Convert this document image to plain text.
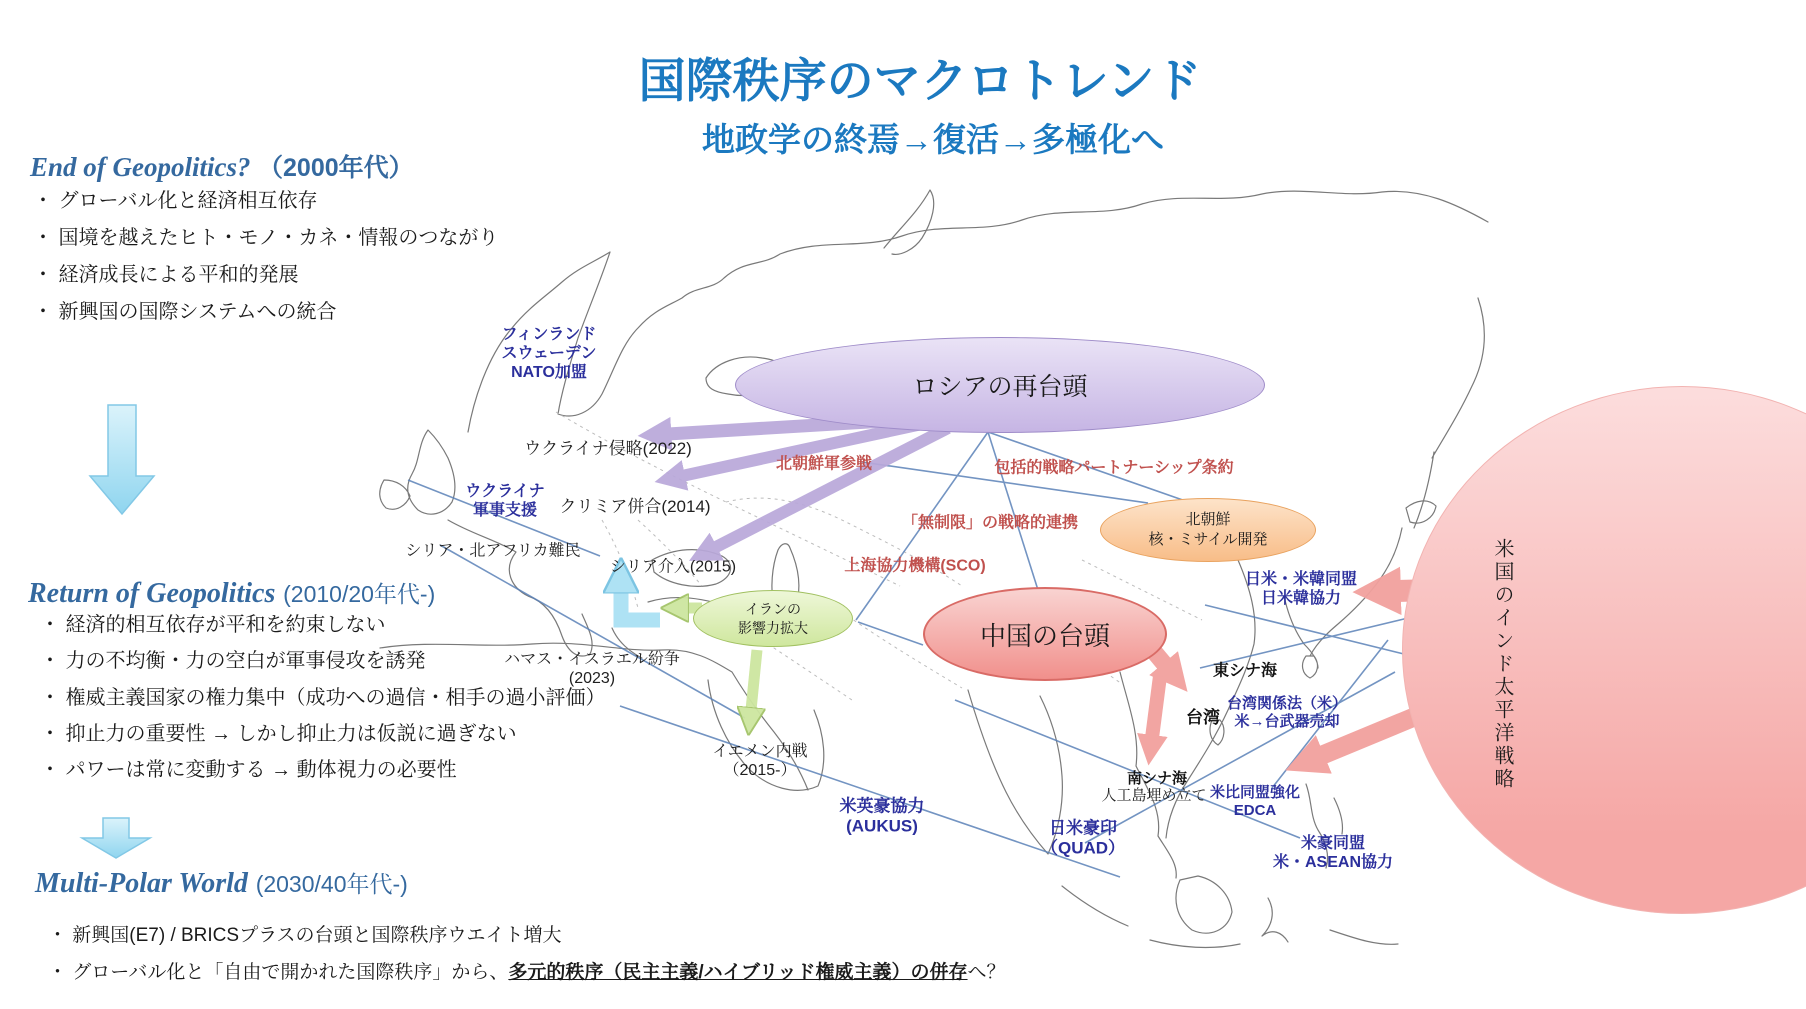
国際秩序のマクロトレンド
地政学の終焉→復活→多極化へ
End of Geopolitics? （2000年代）
・ グローバル化と経済相互依存
・ 国境を越えたヒト・モノ・カネ・情報のつながり
・ 経済成長による平和的発展
・ 新興国の国際システムへの統合
Return of Geopolitics (2010/20年代-)
・ 経済的相互依存が平和を約束しない
・ 力の不均衡・力の空白が軍事侵攻を誘発
・ 権威主義国家の権力集中（成功への過信・相手の過小評価）
・ 抑止力の重要性 → しかし抑止力は仮説に過ぎない
・ パワーは常に変動する → 動体視力の必要性
Multi-Polar World (2030/40年代-)
・ 新興国(E7) / BRICSプラスの台頭と国際秩序ウエイト増大
・ グローバル化と「自由で開かれた国際秩序」から、多元的秩序（民主主義/ハイブリッド権威主義）の併存へ？
ロシアの再台頭
北朝鮮
核・ミサイル開発
イランの
影響力拡大	中国の台頭	米国のインド太平洋戦略
フィンランド
スウェーデン
NATO加盟
ウクライナ侵略(2022)
ウクライナ
軍事支援	クリミア併合(2014)
シリア・北アフリカ難民
シリア介入(2015)
北朝鮮軍参戦	包括的戦略パートナーシップ条約
「無制限」の戦略的連携
上海協力機構(SCO)
ハマス・イスラエル紛争
(2023)
イエメン内戦
（2015-）
日米・米韓同盟
日米韓協力
東シナ海
台湾
台湾関係法（米）
米→台武器売却
南シナ海
人工島埋め立て 米比同盟強化
EDCA
米豪同盟
米・ASEAN協力
米英豪協力
(AUKUS)	日米豪印
（QUAD）
